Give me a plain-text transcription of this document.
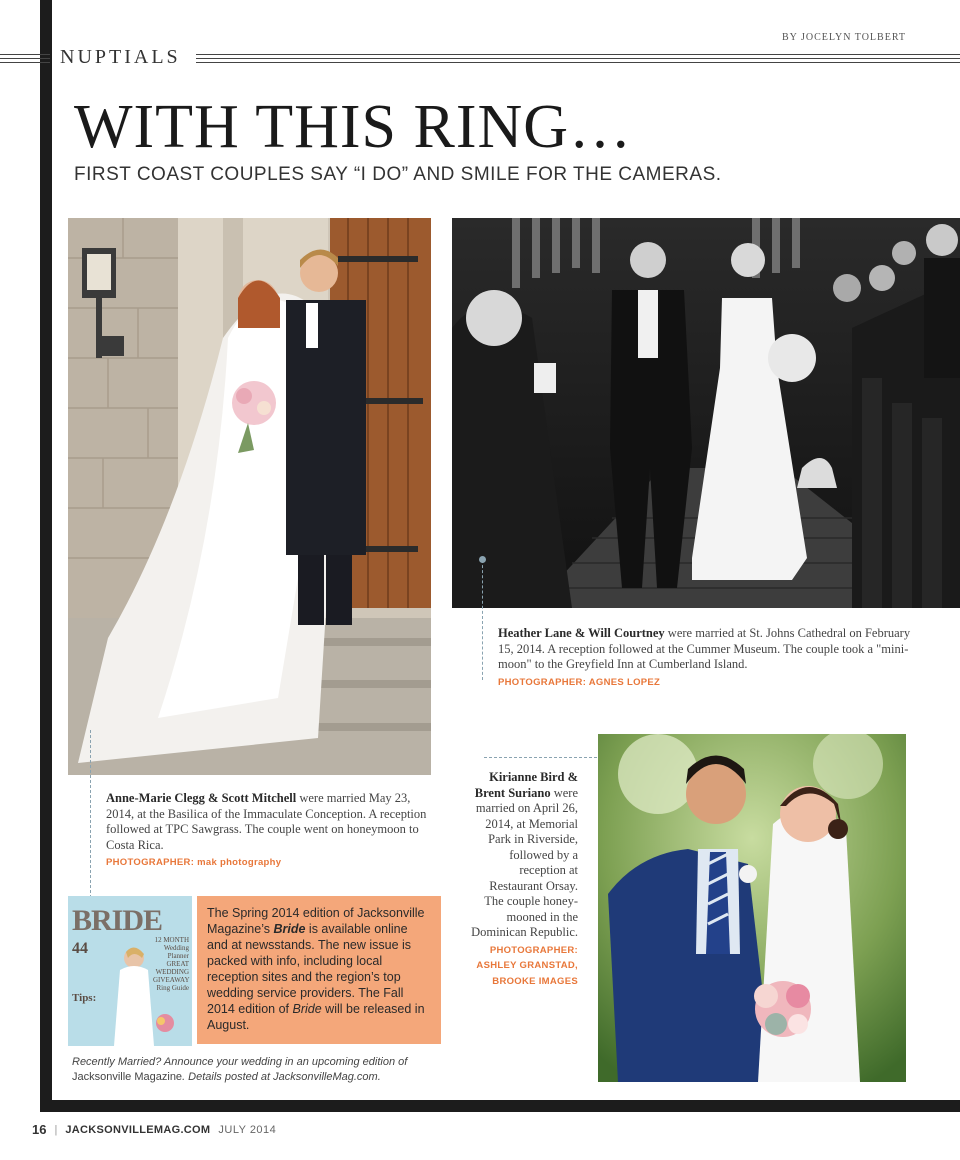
BY JOCELYN TOLBERT
NUPTIALS
WITH THIS RING…
FIRST COAST COUPLES SAY “I DO” AND SMILE FOR THE CAMERAS.
Heather Lane & Will Courtney were married at St. Johns Cathedral on February 15, 2014. A reception followed at the Cummer Museum. The couple took a "mini-moon" to the Greyfield Inn at Cumberland Island.
PHOTOGRAPHER: AGNES LOPEZ
Anne-Marie Clegg & Scott Mitchell were married May 23, 2014, at the Basilica of the Immaculate Conception. A reception followed at TPC Sawgrass. The couple went on honeymoon to Costa Rica.
PHOTOGRAPHER: mak photography
Kirianne Bird & Brent Suriano were married on April 26, 2014, at Memorial Park in Riverside, followed by a reception at Restaurant Orsay. The couple honey-mooned in the Dominican Republic.
PHOTOGRAPHER: ASHLEY GRANSTAD, BROOKE IMAGES
BRIDE
44	12 MONTH Wedding Planner GREAT WEDDING GIVEAWAY Ring Guide
Tips:
The Spring 2014 edition of Jacksonville Magazine’s Bride is available online and at newsstands. The new issue is packed with info, including local reception sites and the region’s top wedding service providers. The Fall 2014 edition of Bride will be released in August.
Recently Married? Announce your wedding in an upcoming edition of Jacksonville Magazine. Details posted at JacksonvilleMag.com.
16 | JACKSONVILLEMAG.COM JULY 2014
